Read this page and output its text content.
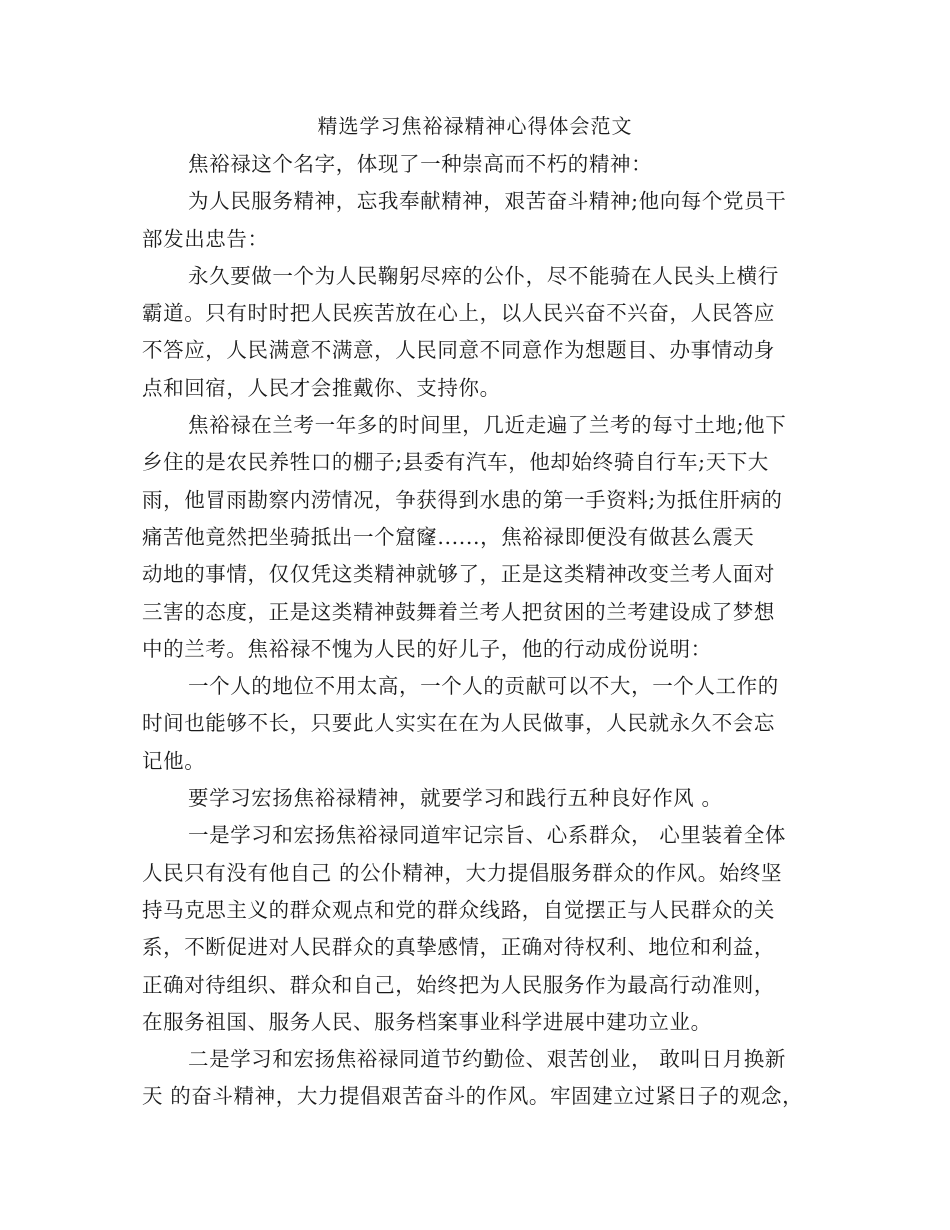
精选学习焦裕禄精神心得体会范文
焦裕禄这个名字，体现了一种崇高而不朽的精神：
为人民服务精神，忘我奉献精神，艰苦奋斗精神;他向每个党员干
部发出忠告：
永久要做一个为人民鞠躬尽瘁的公仆，尽不能骑在人民头上横行
霸道。只有时时把人民疾苦放在心上，以人民兴奋不兴奋，人民答应
不答应，人民满意不满意，人民同意不同意作为想题目、办事情动身
点和回宿，人民才会推戴你、支持你。
焦裕禄在兰考一年多的时间里，几近走遍了兰考的每寸土地;他下
乡住的是农民养牲口的棚子;县委有汽车，他却始终骑自行车;天下大
雨，他冒雨勘察内涝情况，争获得到水患的第一手资料;为抵住肝病的
痛苦他竟然把坐骑抵出一个窟窿......，焦裕禄即便没有做甚么震天
动地的事情，仅仅凭这类精神就够了，正是这类精神改变兰考人面对
三害的态度，正是这类精神鼓舞着兰考人把贫困的兰考建设成了梦想
中的兰考。焦裕禄不愧为人民的好儿子，他的行动成份说明：
一个人的地位不用太高，一个人的贡献可以不大，一个人工作的
时间也能够不长，只要此人实实在在为人民做事，人民就永久不会忘
记他。
要学习宏扬焦裕禄精神，就要学习和践行五种良好作风 。
一是学习和宏扬焦裕禄同道牢记宗旨、心系群众， 心里装着全体
人民只有没有他自己 的公仆精神，大力提倡服务群众的作风。始终坚
持马克思主义的群众观点和党的群众线路，自觉摆正与人民群众的关
系，不断促进对人民群众的真挚感情，正确对待权利、地位和利益，
正确对待组织、群众和自己，始终把为人民服务作为最高行动准则，
在服务祖国、服务人民、服务档案事业科学进展中建功立业。
二是学习和宏扬焦裕禄同道节约勤俭、艰苦创业， 敢叫日月换新
天 的奋斗精神，大力提倡艰苦奋斗的作风。牢固建立过紧日子的观念，
